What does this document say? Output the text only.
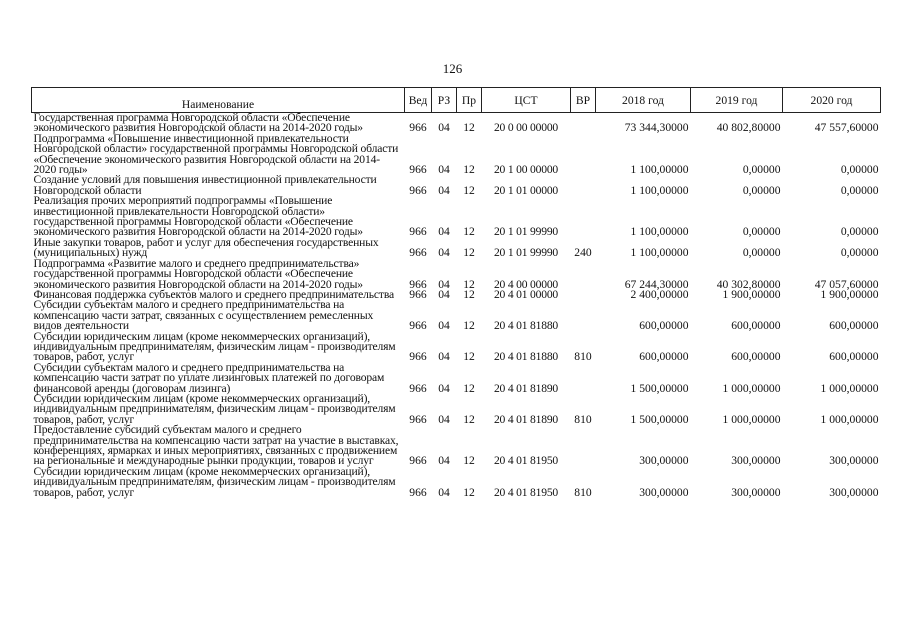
126
Наименование	Вед	РЗ	Пр	ЦСТ	ВР	2018 год	2019 год	2020 год
Государственная программа Новгородской области «Обеспечение экономического развития Новгородской области на 2014-2020 годы»	966	04	12	20 0 00 00000		73 344,30000	40 802,80000	47 557,60000
Подпрограмма «Повышение инвестиционной привлекательности Новгородской области» государственной программы Новгородской области «Обеспечение экономического развития Новгородской области на 2014-2020 годы»	966	04	12	20 1 00 00000		1 100,00000	0,00000	0,00000
Создание условий для повышения инвестиционной привлекательности Новгородской области	966	04	12	20 1 01 00000		1 100,00000	0,00000	0,00000
Реализация прочих мероприятий подпрограммы «Повышение инвестиционной привлекательности Новгородской области» государственной программы Новгородской области «Обеспечение экономического развития Новгородской области на 2014-2020 годы»	966	04	12	20 1 01 99990		1 100,00000	0,00000	0,00000
Иные закупки товаров, работ и услуг для обеспечения государственных (муниципальных) нужд	966	04	12	20 1 01 99990	240	1 100,00000	0,00000	0,00000
Подпрограмма «Развитие малого и среднего предпринимательства» государственной программы Новгородской области «Обеспечение экономического развития Новгородской области на 2014-2020 годы»	966	04	12	20 4 00 00000		67 244,30000	40 302,80000	47 057,60000
Финансовая поддержка субъектов малого и среднего предпринимательства	966	04	12	20 4 01 00000		2 400,00000	1 900,00000	1 900,00000
Субсидии субъектам малого и среднего предпринимательства на компенсацию части затрат, связанных с осуществлением ремесленных видов деятельности	966	04	12	20 4 01 81880		600,00000	600,00000	600,00000
Субсидии юридическим лицам (кроме некоммерческих организаций), индивидуальным предпринимателям, физическим лицам - производителям товаров, работ, услуг	966	04	12	20 4 01 81880	810	600,00000	600,00000	600,00000
Субсидии субъектам малого и среднего предпринимательства на компенсацию части затрат по уплате лизинговых платежей по договорам финансовой аренды (договорам лизинга)	966	04	12	20 4 01 81890		1 500,00000	1 000,00000	1 000,00000
Субсидии юридическим лицам (кроме некоммерческих организаций), индивидуальным предпринимателям, физическим лицам - производителям товаров, работ, услуг	966	04	12	20 4 01 81890	810	1 500,00000	1 000,00000	1 000,00000
Предоставление субсидий субъектам малого и среднего предпринимательства на компенсацию части затрат на участие в выставках, конференциях, ярмарках и иных мероприятиях, связанных с продвижением на региональные и международные рынки продукции, товаров и услуг	966	04	12	20 4 01 81950		300,00000	300,00000	300,00000
Субсидии юридическим лицам (кроме некоммерческих организаций), индивидуальным предпринимателям, физическим лицам - производителям товаров, работ, услуг	966	04	12	20 4 01 81950	810	300,00000	300,00000	300,00000
